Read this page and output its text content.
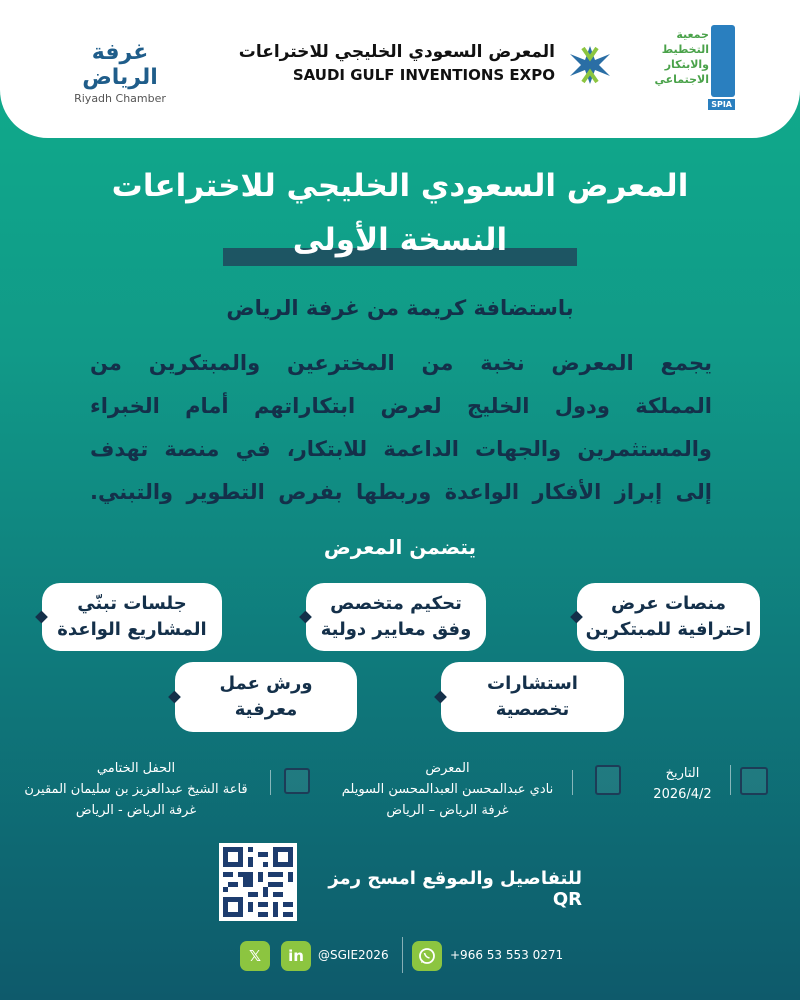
جمعية التخطيط والابتكار الاجتماعي
SPIA
المعرض السعودي الخليجي للاختراعات
SAUDI GULF INVENTIONS EXPO
غرفة الرياض
Riyadh Chamber
المعرض السعودي الخليجي للاختراعات
النسخة الأولى
باستضافة كريمة من غرفة الرياض
يجمع المعرض نخبة من المخترعين والمبتكرين من
المملكة ودول الخليج لعرض ابتكاراتهم أمام الخبراء
والمستثمرين والجهات الداعمة للابتكار، في منصة تهدف
إلى إبراز الأفكار الواعدة وربطها بفرص التطوير والتبني.
يتضمن المعرض
منصات عرض
احترافية للمبتكرين
تحكيم متخصص
وفق معايير دولية
جلسات تبنّي
المشاريع الواعدة
استشارات
تخصصية
ورش عمل
معرفية
التاريخ
2026/4/2
المعرض
نادي عبدالمحسن العبدالمحسن السويلم
غرفة الرياض – الرياض
الحفل الختامي
قاعة الشيخ عبدالعزيز بن سليمان المقيرن
غرفة الرياض - الرياض
للتفاصيل والموقع امسح رمز QR
𝕏	in	@SGIE2026	+966 53 553 0271
